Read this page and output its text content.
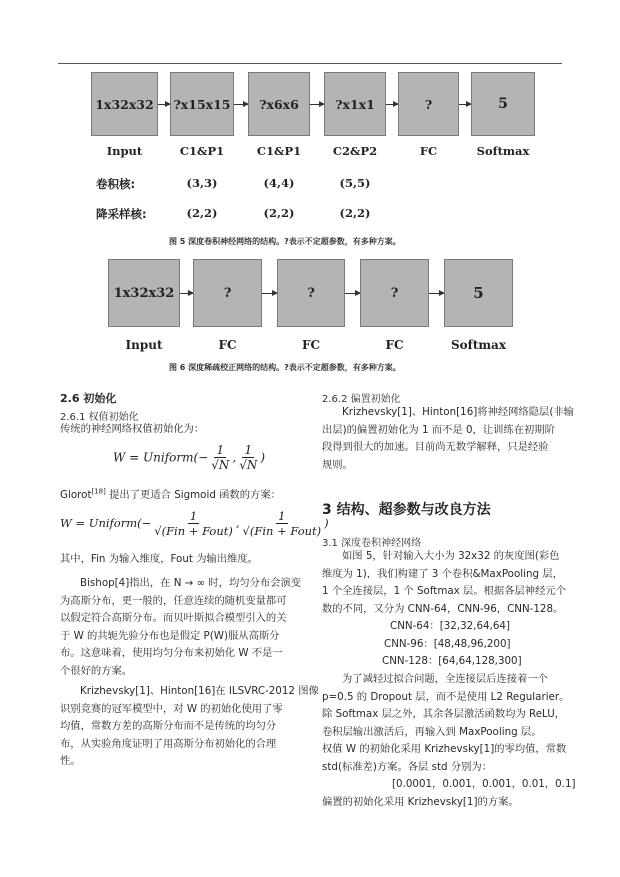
1x32x32	?x15x15	?x6x6	?x1x1	?	5
Input	C1&P1	C1&P1	C2&P2	FC	Softmax
卷积核:	(3,3)	(4,4)	(5,5)
降采样核:	(2,2)	(2,2)	(2,2)
图 5 深度卷积神经网络的结构。?表示不定超参数，有多种方案。
1x32x32	?	?	?	5
Input	FC	FC	FC	Softmax
图 6 深度稀疏校正网络的结构。?表示不定超参数，有多种方案。
2.6 初始化
2.6.1 权值初始化
传统的神经网络权值初始化为：
W = Uniform(− $\frac{1}{√N}$ , $\frac{1}{√N}$ )
Glorot[18] 提出了更适合 Sigmoid 函数的方案：
W = Uniform(− $\frac{1}{\text{√(Fin + Fout)}}$ , $\frac{1}{\text{√(Fin + Fout)}}$ )
其中，Fin 为输入维度，Fout 为输出维度。
Bishop[4]指出，在 N → ∞ 时，均匀分布会演变
为高斯分布，更一般的，任意连续的随机变量都可
以假定符合高斯分布。而贝叶斯拟合模型引入的关
于 W 的共轭先验分布也是假定 P(W)服从高斯分
布。这意味着，使用均匀分布来初始化 W 不是一
个很好的方案。
Krizhevsky[1]、Hinton[16]在 ILSVRC-2012 图像
识别竞赛的冠军模型中，对 W 的初始化使用了零
均值，常数方差的高斯分布而不是传统的均匀分
布，从实验角度证明了用高斯分布初始化的合理
性。
2.6.2 偏置初始化
Krizhevsky[1]、Hinton[16]将神经网络隐层(非输
出层)的偏置初始化为 1 而不是 0，让训练在初期阶
段得到很大的加速。目前尚无数学解释，只是经验
规则。
3 结构、超参数与改良方法
3.1 深度卷积神经网络
如图 5，针对输入大小为 32x32 的灰度图(彩色
维度为 1)，我们构建了 3 个卷积&MaxPooling 层，
1 个全连接层，1 个 Softmax 层。根据各层神经元个
数的不同，又分为 CNN-64，CNN-96，CNN-128。
CNN-64：[32,32,64,64]
CNN-96：[48,48,96,200]
CNN-128：[64,64,128,300]
为了减轻过拟合问题，全连接层后连接着一个
p=0.5 的 Dropout 层，而不是使用 L2 Regularier。
除 Softmax 层之外，其余各层激活函数均为 ReLU，
卷积层输出激活后，再输入到 MaxPooling 层。
权值 W 的初始化采用 Krizhevsky[1]的零均值，常数
std(标准差)方案。各层 std 分别为：
[0.0001，0.001，0.001，0.01，0.1]
偏置的初始化采用 Krizhevsky[1]的方案。
